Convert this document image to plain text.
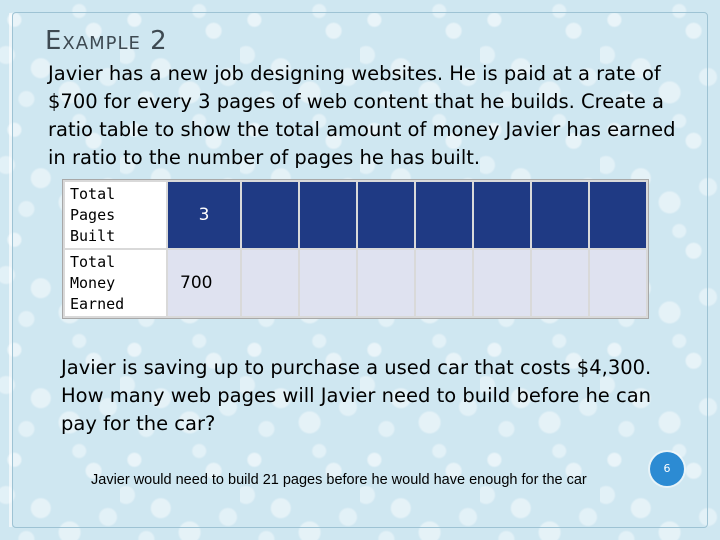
Example 2

Javier has a new job designing websites. He is paid at a rate of $700 for every 3 pages of web content that he builds. Create a ratio table to show the total amount of money Javier has earned in ratio to the number of pages he has built.

Total Pages Built	3							
Total Money Earned	700							

Javier is saving up to purchase a used car that costs $4,300. How many web pages will Javier need to build before he can pay for the car?

Javier would need to build 21 pages before he would have enough for the car

6
